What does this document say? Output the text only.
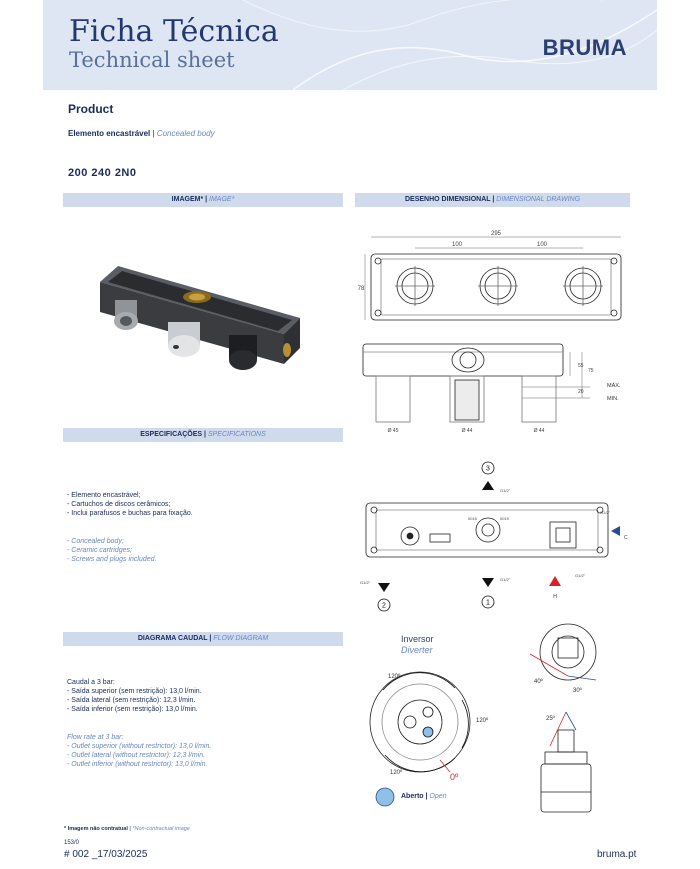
Ficha Técnica
Technical sheet	BRUMA
Product
Elemento encastrável | Concealed body
200 240 2N0
IMAGEM* | IMAGE*	DESENHO DIMENSIONAL | DIMENSIONAL DRAWING
ESPECIFICAÇÕES | SPECIFICATIONS
DIAGRAMA CAUDAL | FLOW DIAGRAM
- Elemento encastrável;
- Cartuchos de discos cerâmicos;
- Inclui parafusos e buchas para fixação.
- Concealed body;
- Ceramic cartridges;
- Screws and plugs included.
Caudal a 3 bar:
- Saída superior (sem restrição): 13,0 l/min.
- Saída lateral (sem restrição): 12,3 l/min.
- Saída inferior (sem restrição): 13,0 l/min.
Flow rate at 3 bar:
- Outlet superior (without restrictor): 13,0 l/min.
- Outlet lateral (without restrictor): 12,3 l/min.
- Outlet inferior (without restrictor): 13,0 l/min.
295
100	100
78
55
75
20
MÁX.
MIN.
Ø 45	Ø 44	Ø 44
0015	0019
G1/2"
G1/2"
G1/2"
G1/2"
G1/2"
3
2	1
C
H
120º
120º
120º	0º
40º
30º
25º
Inversor
Diverter
Aberto | Open
* Imagem não contratual | *Non-contractual image
153/0
# 002 _17/03/2025	bruma.pt
